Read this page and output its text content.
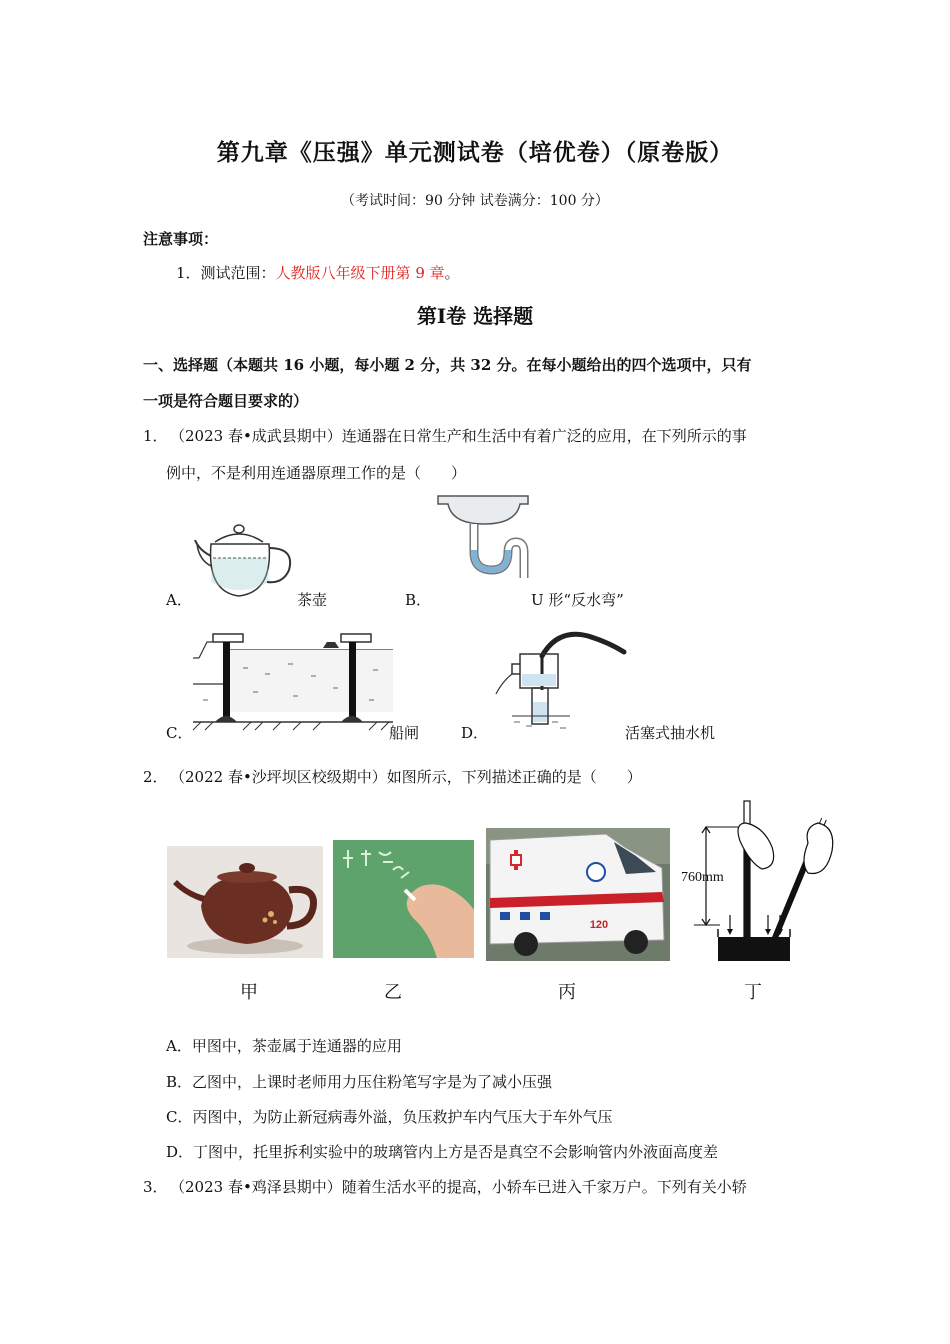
第九章《压强》单元测试卷（培优卷）（原卷版）
（考试时间：90 分钟 试卷满分：100 分）
注意事项：
1．测试范围：人教版八年级下册第 9 章。
第Ⅰ卷 选择题
一、选择题（本题共 16 小题，每小题 2 分，共 32 分。在每小题给出的四个选项中，只有
一项是符合题目要求的）
1． （2023 春•成武县期中）连通器在日常生产和生活中有着广泛的应用，在下列所示的事
例中，不是利用连通器原理工作的是（　　）
A．	茶壶	B．	U 形“反水弯”
C．	船闸	D．	活塞式抽水机
2． （2022 春•沙坪坝区校级期中）如图所示，下列描述正确的是（　　）
120
760mm
甲	乙	丙	丁
A．甲图中，茶壶属于连通器的应用
B．乙图中，上课时老师用力压住粉笔写字是为了减小压强
C．丙图中，为防止新冠病毒外溢，负压救护车内气压大于车外气压
D．丁图中，托里拆利实验中的玻璃管内上方是否是真空不会影响管内外液面高度差
3． （2023 春•鸡泽县期中）随着生活水平的提高，小轿车已进入千家万户。下列有关小轿
